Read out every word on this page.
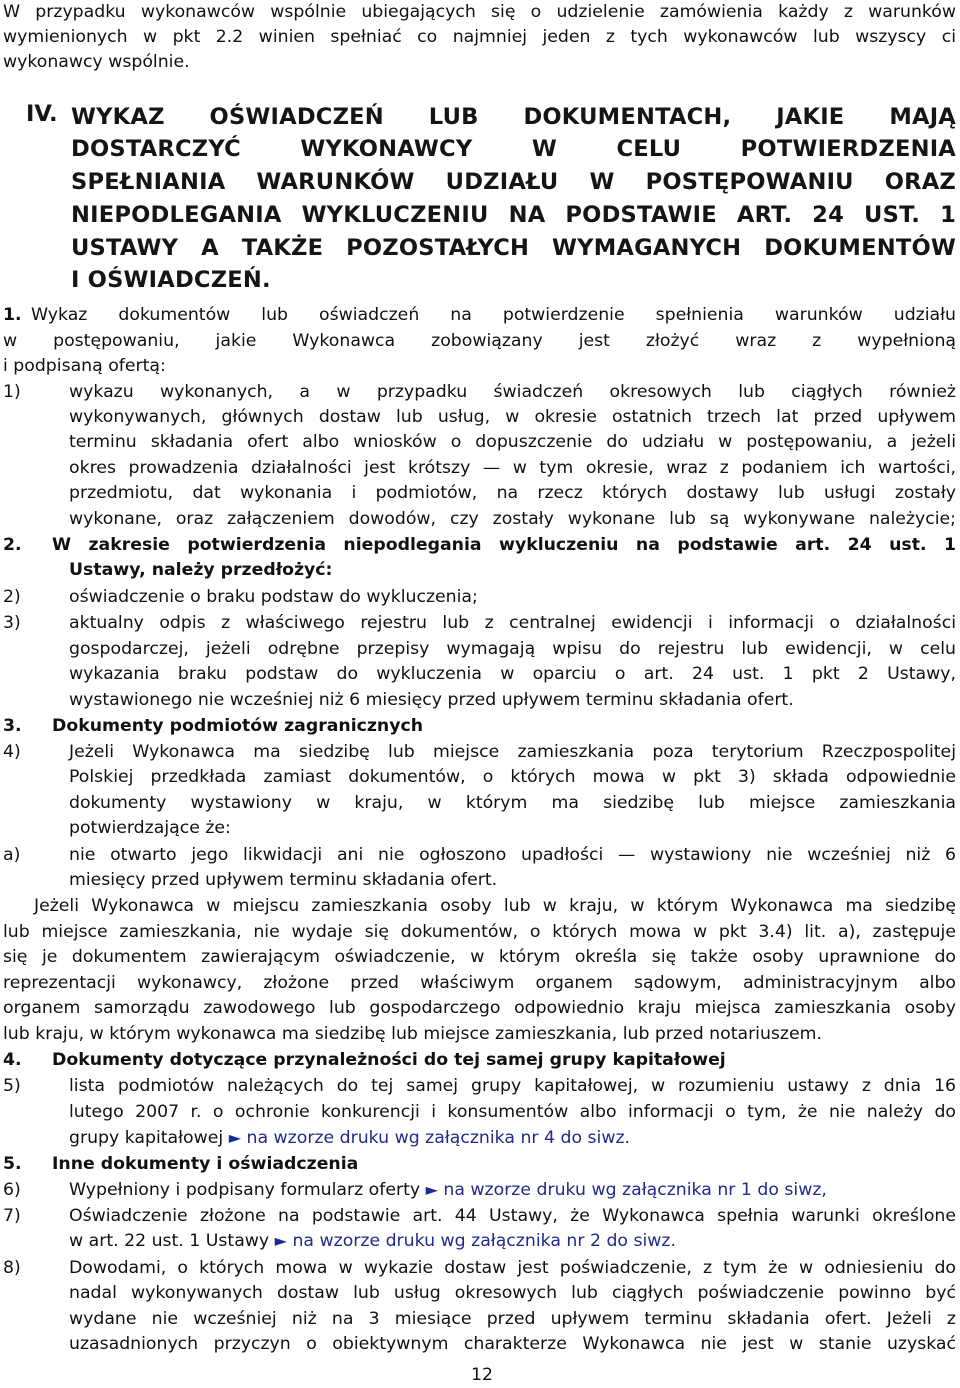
W przypadku wykonawców wspólnie ubiegających się o udzielenie zamówienia każdy z warunków
wymienionych w pkt 2.2 winien spełniać co najmniej jeden z tych wykonawców lub wszyscy ci
wykonawcy wspólnie.
IV. WYKAZ OŚWIADCZEŃ LUB DOKUMENTACH, JAKIE MAJĄ
DOSTARCZYĆ WYKONAWCY W CELU POTWIERDZENIA
SPEŁNIANIA WARUNKÓW UDZIAŁU W POSTĘPOWANIU ORAZ
NIEPODLEGANIA WYKLUCZENIU NA PODSTAWIE ART. 24 UST. 1
USTAWY A TAKŻE POZOSTAŁYCH WYMAGANYCH DOKUMENTÓW
I OŚWIADCZEŃ.
1. Wykaz dokumentów lub oświadczeń na potwierdzenie spełnienia warunków udziału
w postępowaniu, jakie Wykonawca zobowiązany jest złożyć wraz z wypełnioną
i podpisaną ofertą:
1)	wykazu wykonanych, a w przypadku świadczeń okresowych lub ciągłych również
wykonywanych, głównych dostaw lub usług, w okresie ostatnich trzech lat przed upływem
terminu składania ofert albo wniosków o dopuszczenie do udziału w postępowaniu, a jeżeli
okres prowadzenia działalności jest krótszy — w tym okresie, wraz z podaniem ich wartości,
przedmiotu, dat wykonania i podmiotów, na rzecz których dostawy lub usługi zostały
wykonane, oraz załączeniem dowodów, czy zostały wykonane lub są wykonywane należycie;
2.	W zakresie potwierdzenia niepodlegania wykluczeniu na podstawie art. 24 ust. 1
Ustawy, należy przedłożyć:
2)	oświadczenie o braku podstaw do wykluczenia;
3)	aktualny odpis z właściwego rejestru lub z centralnej ewidencji i informacji o działalności
gospodarczej, jeżeli odrębne przepisy wymagają wpisu do rejestru lub ewidencji, w celu
wykazania braku podstaw do wykluczenia w oparciu o art. 24 ust. 1 pkt 2 Ustawy,
wystawionego nie wcześniej niż 6 miesięcy przed upływem terminu składania ofert.
3.	Dokumenty podmiotów zagranicznych
4)	Jeżeli Wykonawca ma siedzibę lub miejsce zamieszkania poza terytorium Rzeczpospolitej
Polskiej przedkłada zamiast dokumentów, o których mowa w pkt 3) składa odpowiednie
dokumenty wystawiony w kraju, w którym ma siedzibę lub miejsce zamieszkania
potwierdzające że:
a)	nie otwarto jego likwidacji ani nie ogłoszono upadłości — wystawiony nie wcześniej niż 6
miesięcy przed upływem terminu składania ofert.
Jeżeli Wykonawca w miejscu zamieszkania osoby lub w kraju, w którym Wykonawca ma siedzibę
lub miejsce zamieszkania, nie wydaje się dokumentów, o których mowa w pkt 3.4) lit. a), zastępuje
się je dokumentem zawierającym oświadczenie, w którym określa się także osoby uprawnione do
reprezentacji wykonawcy, złożone przed właściwym organem sądowym, administracyjnym albo
organem samorządu zawodowego lub gospodarczego odpowiednio kraju miejsca zamieszkania osoby
lub kraju, w którym wykonawca ma siedzibę lub miejsce zamieszkania, lub przed notariuszem.
4.	Dokumenty dotyczące przynależności do tej samej grupy kapitałowej
5)	lista podmiotów należących do tej samej grupy kapitałowej, w rozumieniu ustawy z dnia 16
lutego 2007 r. o ochronie konkurencji i konsumentów albo informacji o tym, że nie należy do
grupy kapitałowej ► na wzorze druku wg załącznika nr 4 do siwz.
5.	Inne dokumenty i oświadczenia
6)	Wypełniony i podpisany formularz oferty ► na wzorze druku wg załącznika nr 1 do siwz,
7)	Oświadczenie złożone na podstawie art. 44 Ustawy, że Wykonawca spełnia warunki określone
w art. 22 ust. 1 Ustawy ► na wzorze druku wg załącznika nr 2 do siwz.
8)	Dowodami, o których mowa w wykazie dostaw jest poświadczenie, z tym że w odniesieniu do
nadal wykonywanych dostaw lub usług okresowych lub ciągłych poświadczenie powinno być
wydane nie wcześniej niż na 3 miesiące przed upływem terminu składania ofert. Jeżeli z
uzasadnionych przyczyn o obiektywnym charakterze Wykonawca nie jest w stanie uzyskać
12
